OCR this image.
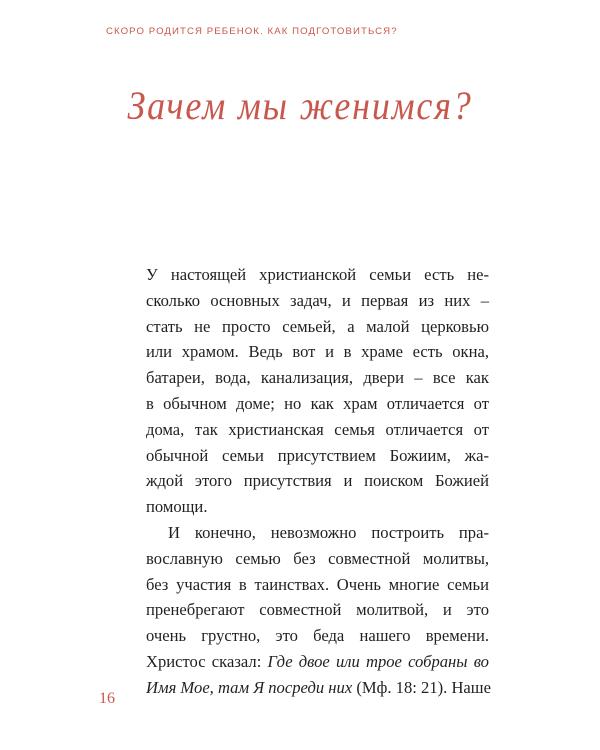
СКОРО РОДИТСЯ РЕБЕНОК. КАК ПОДГОТОВИТЬСЯ?
Зачем мы женимся?
У настоящей христианской семьи есть не-
сколько основных задач, и первая из них –
стать не просто семьей, а малой церковью
или храмом. Ведь вот и в храме есть окна,
батареи, вода, канализация, двери – все как
в обычном доме; но как храм отличается от
дома, так христианская семья отличается от
обычной семьи присутствием Божиим, жа-
ждой этого присутствия и поиском Божией
помощи.
И конечно, невозможно построить пра-
вославную семью без совместной молитвы,
без участия в таинствах. Очень многие семьи
пренебрегают совместной молитвой, и это
очень грустно, это беда нашего времени.
Христос сказал: Где двое или трое собраны во
Имя Мое, там Я посреди них (Мф. 18: 21). Наше
16
